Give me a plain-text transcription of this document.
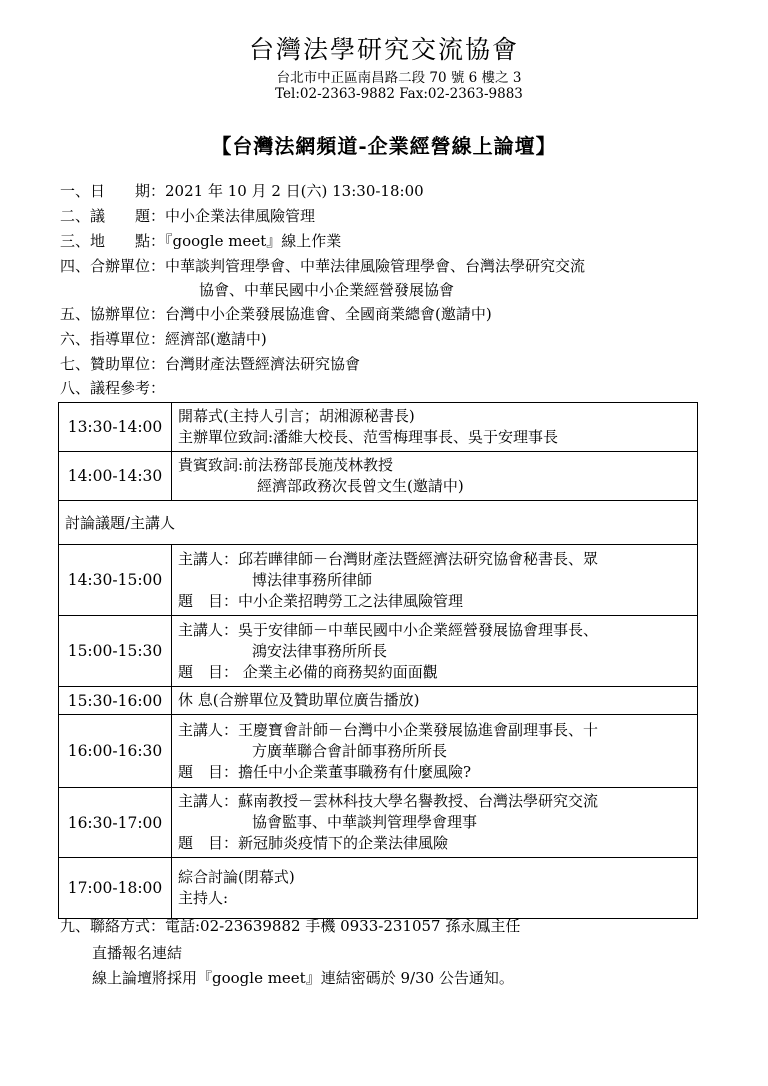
台灣法學研究交流協會
台北市中正區南昌路二段 70 號 6 樓之 3
Tel:02-2363-9882 Fax:02-2363-9883
【台灣法網頻道-企業經營線上論壇】
一、日　　期：2021 年 10 月 2 日(六) 13:30-18:00
二、議　　題：中小企業法律風險管理
三、地　　點：『google meet』線上作業
四、合辦單位：中華談判管理學會、中華法律風險管理學會、台灣法學研究交流
協會、中華民國中小企業經營發展協會
五、協辦單位：台灣中小企業發展協進會、全國商業總會(邀請中)
六、指導單位：經濟部(邀請中)
七、贊助單位：台灣財產法暨經濟法研究協會
八、議程參考：
13:30-14:00	開幕式(主持人引言；胡湘源秘書長)
主辦單位致詞:潘維大校長、范雪梅理事長、吳于安理事長

14:00-14:30	貴賓致詞:前法務部長施茂林教授
經濟部政務次長曾文生(邀請中)

討論議題/主講人	
14:30-15:00	主講人：邱若曄律師－台灣財產法暨經濟法研究協會秘書長、眾
博法律事務所律師
題　目：中小企業招聘勞工之法律風險管理

15:00-15:30	主講人：吳于安律師－中華民國中小企業經營發展協會理事長、
鴻安法律事務所所長
題　目： 企業主必備的商務契約面面觀

15:30-16:00	休 息(合辦單位及贊助單位廣告播放)

16:00-16:30	主講人：王慶寶會計師－台灣中小企業發展協進會副理事長、十
方廣華聯合會計師事務所所長
題　目：擔任中小企業董事職務有什麼風險?

16:30-17:00	主講人：蘇南教授－雲林科技大學名譽教授、台灣法學研究交流
協會監事、中華談判管理學會理事
題　目：新冠肺炎疫情下的企業法律風險

17:00-18:00	綜合討論(閉幕式)
主持人:
九、聯絡方式：電話:02-23639882 手機 0933-231057 孫永鳳主任
直播報名連結
線上論壇將採用『google meet』連結密碼於 9/30 公告通知。
